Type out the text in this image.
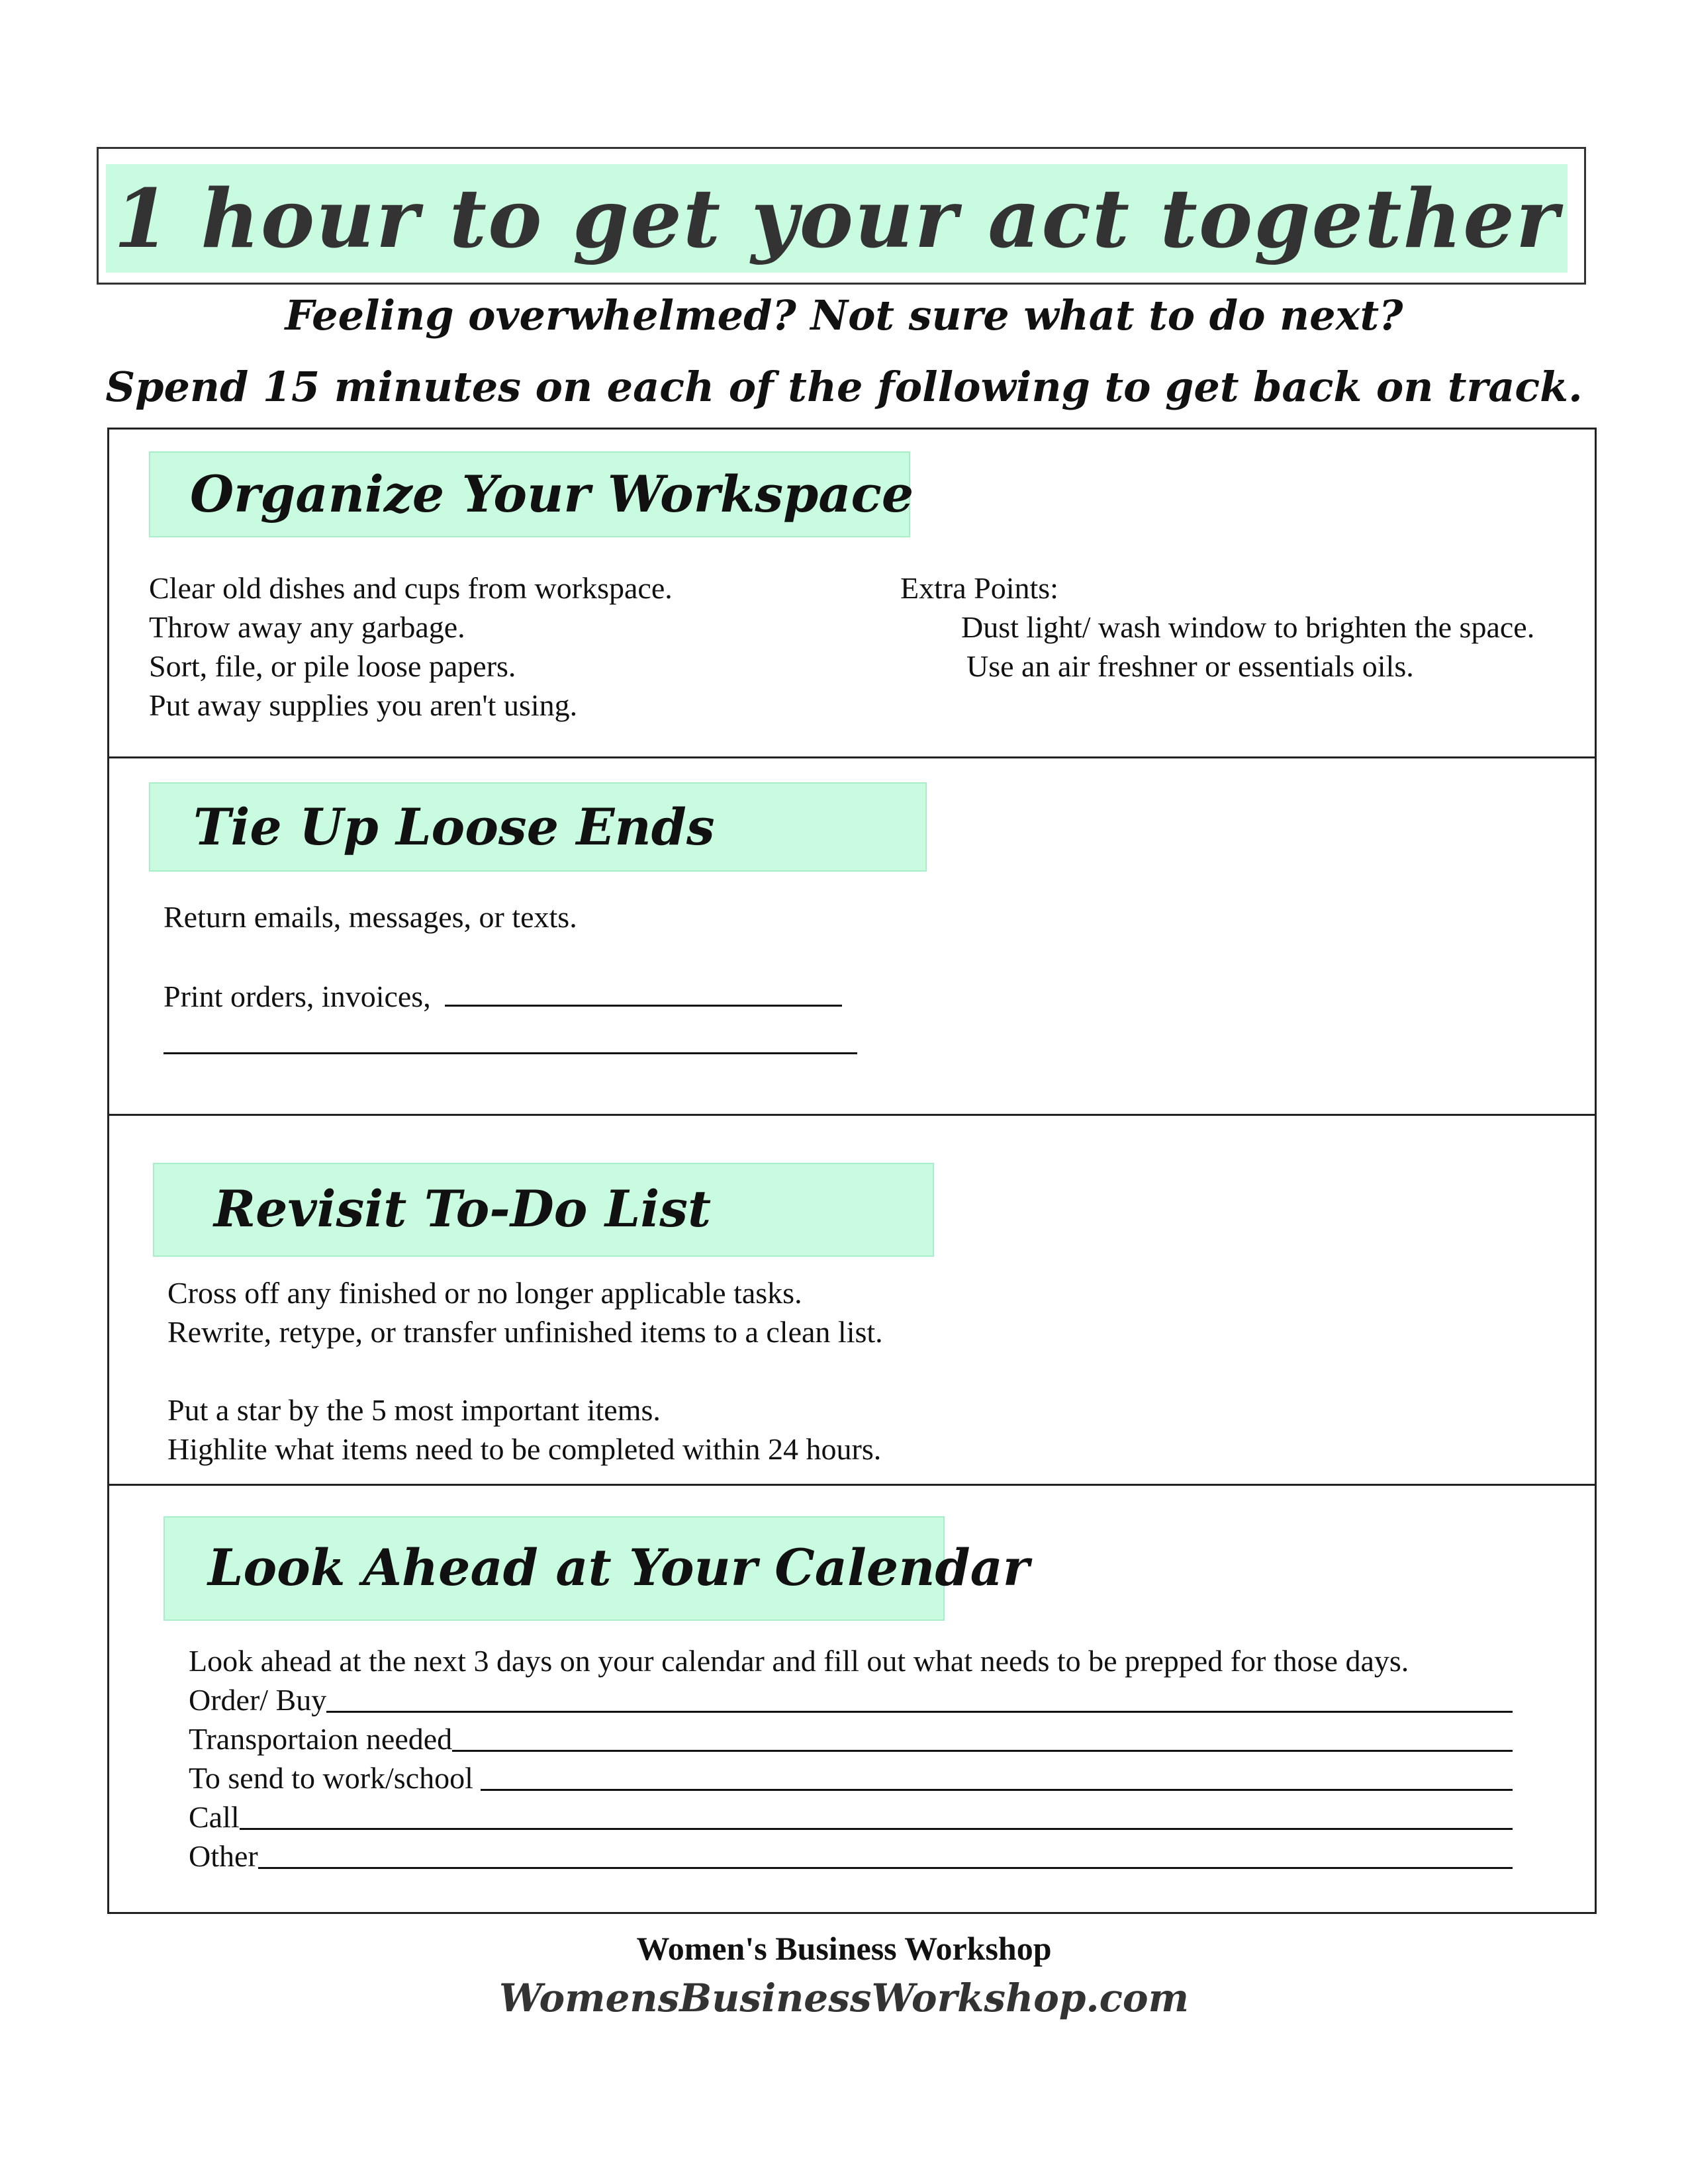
1 hour to get your act together
Feeling overwhelmed? Not sure what to do next?
Spend 15 minutes on each of the following to get back on track.
Organize Your Workspace
Clear old dishes and cups from workspace.
Throw away any garbage.
Sort, file, or pile loose papers.
Put away supplies you aren't using.
Extra Points:
Dust light/ wash window to brighten the space.
Use an air freshner or essentials oils.
Tie Up Loose Ends
Return emails, messages, or texts.
Print orders, invoices,
Revisit To-Do List
Cross off any finished or no longer applicable tasks.
Rewrite, retype, or transfer unfinished items to a clean list.
Put a star by the 5 most important items.
Highlite what items need to be completed within 24 hours.
Look Ahead at Your Calendar
Look ahead at the next 3 days on your calendar and fill out what needs to be prepped for those days.
Order/ Buy
Transportaion needed
To send to work/school
Call
Other
Women's Business Workshop
WomensBusinessWorkshop.com
